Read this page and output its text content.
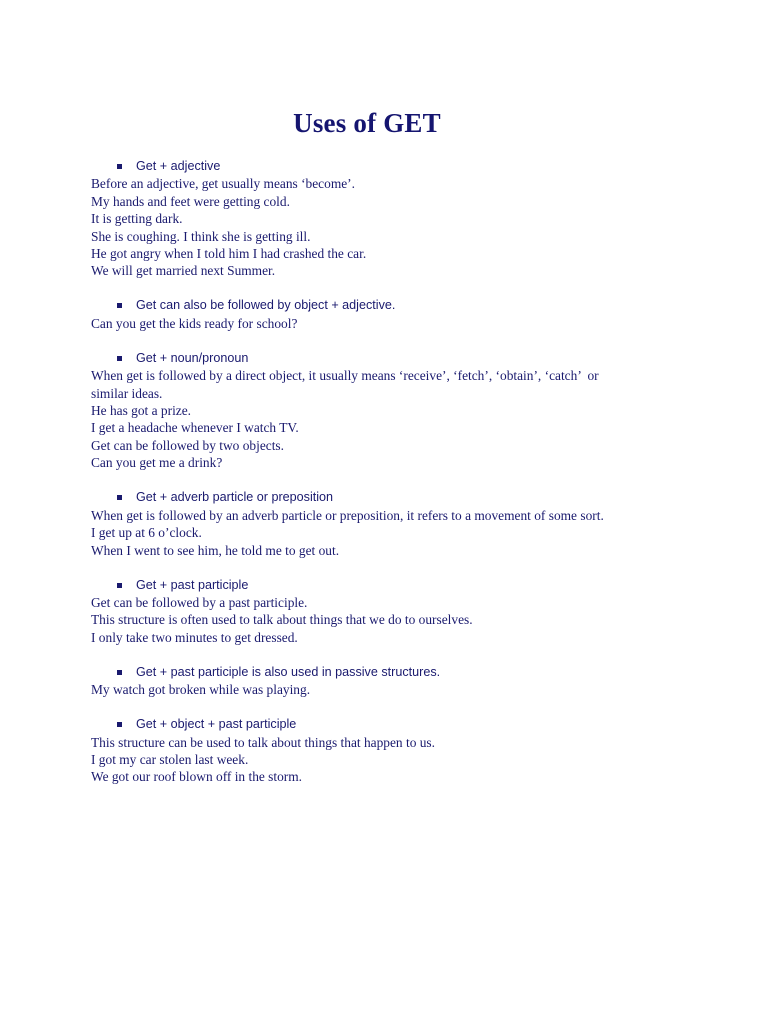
Uses of GET

Get + adjective

Before an adjective, get usually means ‘become’.

My hands and feet were getting cold.

It is getting dark.

She is coughing. I think she is getting ill.

He got angry when I told him I had crashed the car.

We will get married next Summer.

Get can also be followed by object + adjective.

Can you get the kids ready for school?

Get + noun/pronoun

When get is followed by a direct object, it usually means ‘receive’, ‘fetch’, ‘obtain’, ‘catch’  or

similar ideas.

He has got a prize.

I get a headache whenever I watch TV.

Get can be followed by two objects.

Can you get me a drink?

Get + adverb particle or preposition

When get is followed by an adverb particle or preposition, it refers to a movement of some sort.

I get up at 6 o’clock.

When I went to see him, he told me to get out.

Get + past participle

Get can be followed by a past participle.

This structure is often used to talk about things that we do to ourselves.

I only take two minutes to get dressed.

Get + past participle is also used in passive structures.

My watch got broken while was playing.

Get + object + past participle

This structure can be used to talk about things that happen to us.

I got my car stolen last week.

We got our roof blown off in the storm.
